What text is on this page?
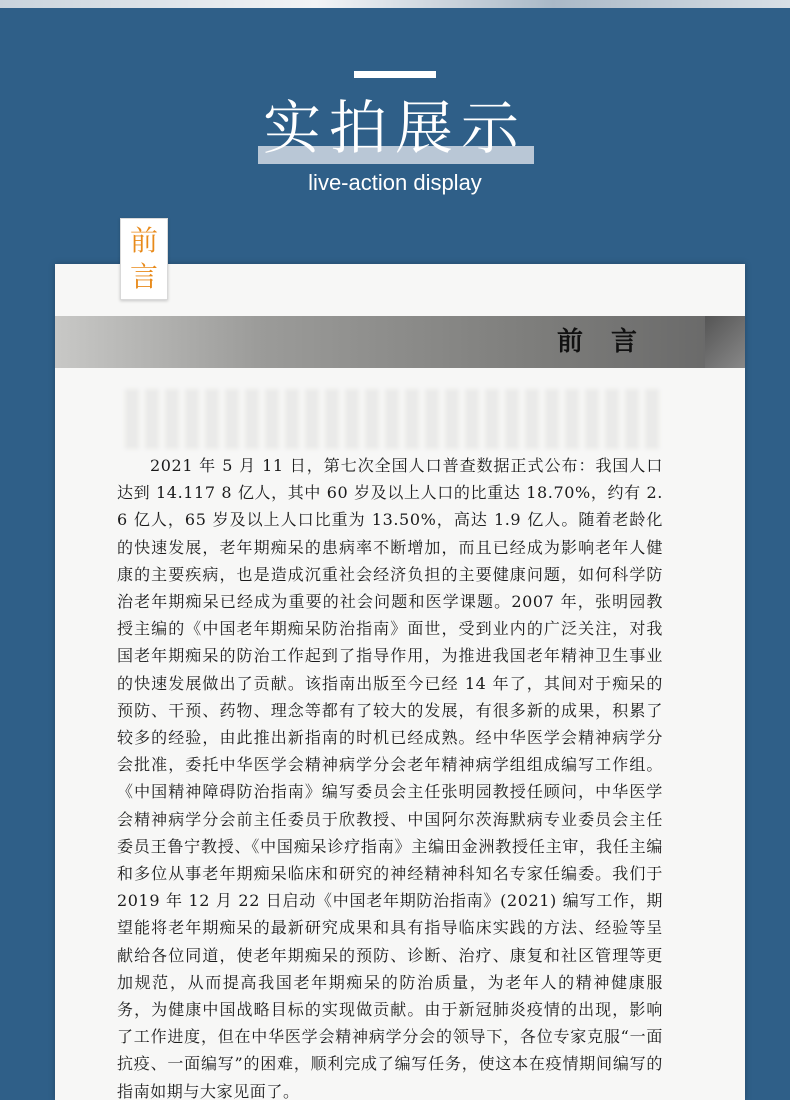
实拍展示
live-action display
前言
2021 年 5 月 11 日，第七次全国人口普查数据正式公布：我国人口达到 14.117 8 亿人，其中 60 岁及以上人口的比重达 18.70%，约有 2.6 亿人，65 岁及以上人口比重为 13.50%，高达 1.9 亿人。随着老龄化的快速发展，老年期痴呆的患病率不断增加，而且已经成为影响老年人健康的主要疾病，也是造成沉重社会经济负担的主要健康问题，如何科学防治老年期痴呆已经成为重要的社会问题和医学课题。2007 年，张明园教授主编的《中国老年期痴呆防治指南》面世，受到业内的广泛关注，对我国老年期痴呆的防治工作起到了指导作用，为推进我国老年精神卫生事业的快速发展做出了贡献。该指南出版至今已经 14 年了，其间对于痴呆的预防、干预、药物、理念等都有了较大的发展，有很多新的成果，积累了较多的经验，由此推出新指南的时机已经成熟。经中华医学会精神病学分会批准，委托中华医学会精神病学分会老年精神病学组组成编写工作组。《中国精神障碍防治指南》编写委员会主任张明园教授任顾问，中华医学会精神病学分会前主任委员于欣教授、中国阿尔茨海默病专业委员会主任委员王鲁宁教授、《中国痴呆诊疗指南》主编田金洲教授任主审，我任主编和多位从事老年期痴呆临床和研究的神经精神科知名专家任编委。我们于 2019 年 12 月 22 日启动《中国老年期防治指南》(2021) 编写工作，期望能将老年期痴呆的最新研究成果和具有指导临床实践的方法、经验等呈献给各位同道，使老年期痴呆的预防、诊断、治疗、康复和社区管理等更加规范，从而提高我国老年期痴呆的防治质量，为老年人的精神健康服务，为健康中国战略目标的实现做贡献。由于新冠肺炎疫情的出现，影响了工作进度，但在中华医学会精神病学分会的领导下，各位专家克服“一面抗疫、一面编写”的困难，顺利完成了编写任务，使这本在疫情期间编写的指南如期与大家见面了。
前
言
